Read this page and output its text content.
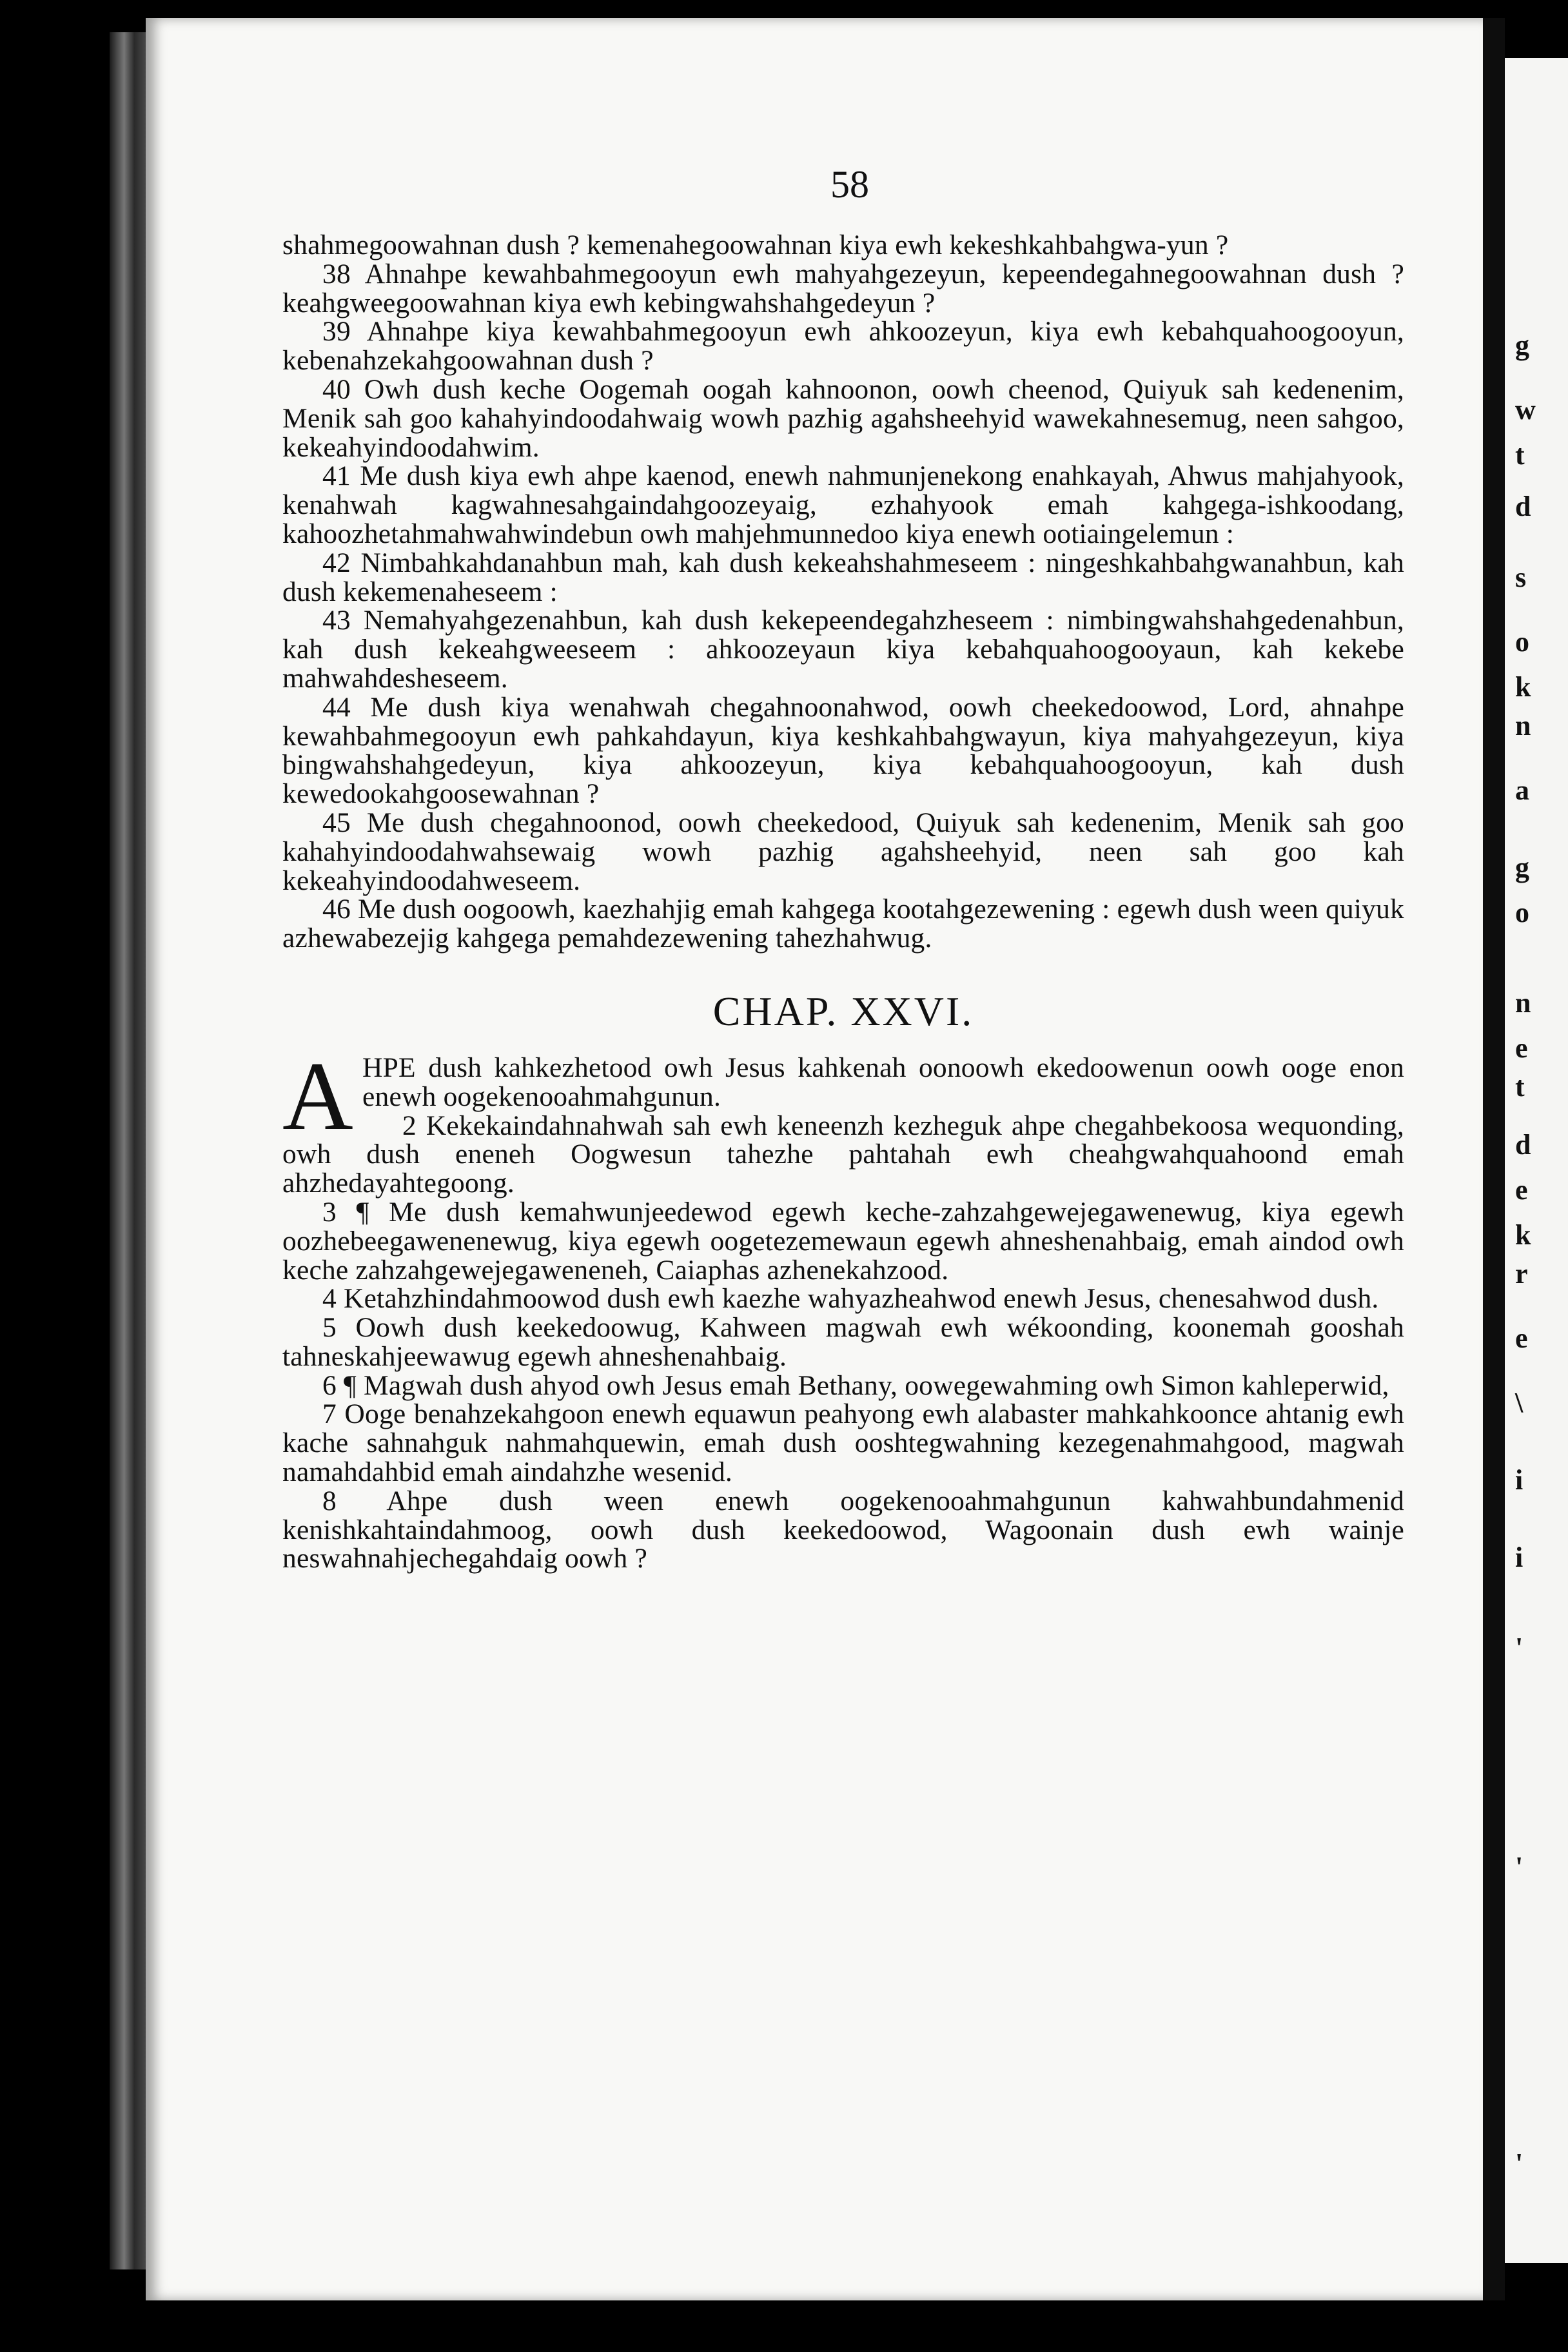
g
w
t
d
s
o
k
n
a
g
o
n
e
t
d
e
k
r
e
\
i
i
'
'
'
58

shahmegoowahnan dush ? kemenahegoowahnan kiya ewh kekeshkahbahgwa-yun ?

38 Ahnahpe kewahbahmegooyun ewh mahyahgezeyun, kepeendegahnegoowahnan dush ? keahgweegoowahnan kiya ewh kebingwahshahgedeyun ?

39 Ahnahpe kiya kewahbahmegooyun ewh ahkoozeyun, kiya ewh kebahquahoogooyun, kebenahzekahgoowahnan dush ?

40 Owh dush keche Oogemah oogah kahnoonon, oowh cheenod, Quiyuk sah kedenenim, Menik sah goo kahahyindoodahwaig wowh pazhig agahsheehyid wawekahnesemug, neen sahgoo, kekeahyindoodahwim.

41 Me dush kiya ewh ahpe kaenod, enewh nahmunjenekong enahkayah, Ahwus mahjahyook, kenahwah kagwahnesahgaindahgoozeyaig, ezhahyook emah kahgega-ishkoodang, kahoozhetahmahwahwindebun owh mahjehmunnedoo kiya enewh ootiaingelemun :

42 Nimbahkahdanahbun mah, kah dush kekeahshahmeseem : ningeshkahbahgwanahbun, kah dush kekemenaheseem :

43 Nemahyahgezenahbun, kah dush kekepeendegahzheseem : nimbingwahshahgedenahbun, kah dush kekeahgweeseem : ahkoozeyaun kiya kebahquahoogooyaun, kah kekebe mahwahdesheseem.

44 Me dush kiya wenahwah chegahnoonahwod, oowh cheekedoowod, Lord, ahnahpe kewahbahmegooyun ewh pahkahdayun, kiya keshkahbahgwayun, kiya mahyahgezeyun, kiya bingwahshahgedeyun, kiya ahkoozeyun, kiya kebahquahoogooyun, kah dush kewedookahgoosewahnan ?

45 Me dush chegahnoonod, oowh cheekedood, Quiyuk sah kedenenim, Menik sah goo kahahyindoodahwahsewaig wowh pazhig agahsheehyid, neen sah goo kah kekeahyindoodahweseem.

46 Me dush oogoowh, kaezhahjig emah kahgega kootahgezewening : egewh dush ween quiyuk azhewabezejig kahgega pemahdezewening tahezhahwug.

CHAP. XXVI.

A HPE dush kahkezhetood owh Jesus kahkenah oonoowh ekedoowenun oowh ooge enon enewh oogekenooahmahgunun.

2 Kekekaindahnahwah sah ewh keneenzh kezheguk ahpe chegahbekoosa wequonding, owh dush eneneh Oogwesun tahezhe pahtahah ewh cheahgwahquahoond emah ahzhedayahtegoong.

3 ¶ Me dush kemahwunjeedewod egewh keche-zahzahgewejegawenewug, kiya egewh oozhebeegawenenewug, kiya egewh oogetezemewaun egewh ahneshenahbaig, emah aindod owh keche zahzahgewejegaweneneh, Caiaphas azhenekahzood.

4 Ketahzhindahmoowod dush ewh kaezhe wahyazheahwod enewh Jesus, chenesahwod dush.

5 Oowh dush keekedoowug, Kahween magwah ewh wékoonding, koonemah gooshah tahneskahjeewawug egewh ahneshenahbaig.

6 ¶ Magwah dush ahyod owh Jesus emah Bethany, oowegewahming owh Simon kahleperwid,

7 Ooge benahzekahgoon enewh equawun peahyong ewh alabaster mahkahkoonce ahtanig ewh kache sahnahguk nahmahquewin, emah dush ooshtegwahning kezegenahmahgood, magwah namahdahbid emah aindahzhe wesenid.

8 Ahpe dush ween enewh oogekenooahmahgunun kahwahbundahmenid kenishkahtaindahmoog, oowh dush keekedoowod, Wagoonain dush ewh wainje neswahnahjechegahdaig oowh ?
